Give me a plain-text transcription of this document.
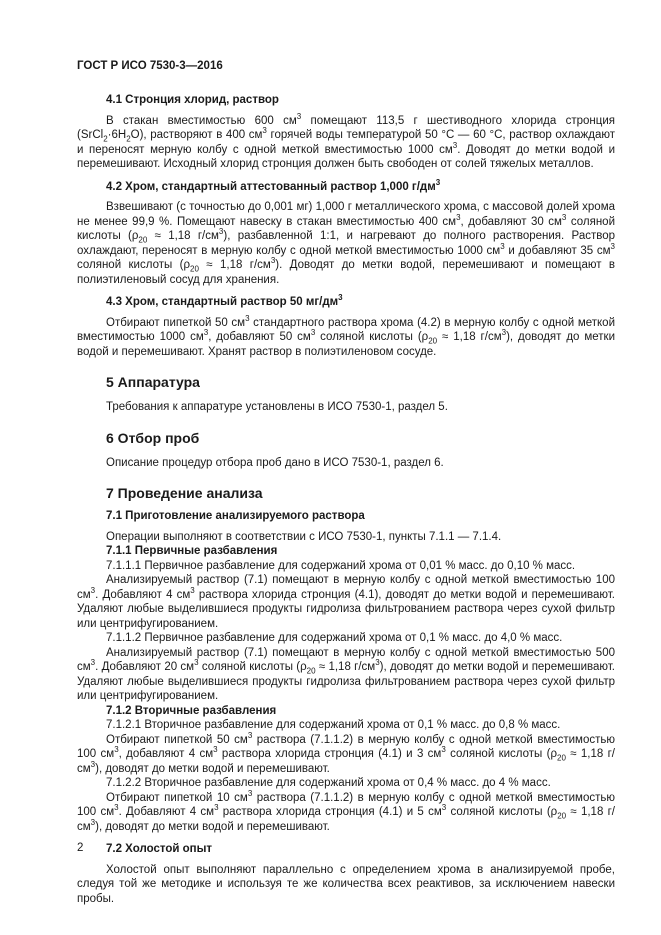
ГОСТ Р ИСО 7530-3—2016

4.1 Стронция хлорид, раствор

В стакан вместимостью 600 $см^3$ помещают 113,5 г шестиводного хлорида стронция $(SrCl_2\cdot 6H_2O)$, растворяют в 400 $см^3$ горячей воды температурой 50 °С — 60 °С, раствор охлаждают и переносят мерную колбу с одной меткой вместимостью 1000 $см^3$. Доводят до метки водой и перемешивают. Исходный хлорид стронция должен быть свободен от солей тяжелых металлов.

4.2 Хром, стандартный аттестованный раствор 1,000 $г/дм^3$

Взвешивают (с точностью до 0,001 мг) 1,000 г металлического хрома, с массовой долей хрома не менее 99,9 %. Помещают навеску в стакан вместимостью 400 $см^3$, добавляют 30 $см^3$ соляной кислоты ($\rho_{20} \approx 1,18$ $г/см^3$), разбавленной 1:1, и нагревают до полного растворения. Раствор охлаждают, переносят в мерную колбу с одной меткой вместимостью 1000 $см^3$ и добавляют 35 $см^3$ соляной кислоты ($\rho_{20} \approx 1,18$ $г/см^3$). Доводят до метки водой, перемешивают и помещают в полиэтиленовый сосуд для хранения.

4.3 Хром, стандартный раствор 50 $мг/дм^3$

Отбирают пипеткой 50 $см^3$ стандартного раствора хрома (4.2) в мерную колбу с одной меткой вместимостью 1000 $см^3$, добавляют 50 $см^3$ соляной кислоты ($\rho_{20} \approx 1,18$ $г/см^3$), доводят до метки водой и перемешивают. Хранят раствор в полиэтиленовом сосуде.

5 Аппаратура

Требования к аппаратуре установлены в ИСО 7530-1, раздел 5.

6 Отбор проб

Описание процедур отбора проб дано в ИСО 7530-1, раздел 6.

7 Проведение анализа

7.1 Приготовление анализируемого раствора

Операции выполняют в соответствии с ИСО 7530-1, пункты 7.1.1 — 7.1.4.

7.1.1 Первичные разбавления

7.1.1.1 Первичное разбавление для содержаний хрома от 0,01 % масс. до 0,10 % масс.

Анализируемый раствор (7.1) помещают в мерную колбу с одной меткой вместимостью 100 $см^3$. Добавляют 4 $см^3$ раствора хлорида стронция (4.1), доводят до метки водой и перемешивают. Удаляют любые выделившиеся продукты гидролиза фильтрованием раствора через сухой фильтр или центрифугированием.

7.1.1.2 Первичное разбавление для содержаний хрома от 0,1 % масс. до 4,0 % масс.

Анализируемый раствор (7.1) помещают в мерную колбу с одной меткой вместимостью 500 $см^3$. Добавляют 20 $см^3$ соляной кислоты ($\rho_{20} \approx 1,18$ $г/см^3$), доводят до метки водой и перемешивают. Удаляют любые выделившиеся продукты гидролиза фильтрованием раствора через сухой фильтр или центрифугированием.

7.1.2 Вторичные разбавления

7.1.2.1 Вторичное разбавление для содержаний хрома от 0,1 % масс. до 0,8 % масс.

Отбирают пипеткой 50 $см^3$ раствора (7.1.1.2) в мерную колбу с одной меткой вместимостью 100 $см^3$, добавляют 4 $см^3$ раствора хлорида стронция (4.1) и 3 $см^3$ соляной кислоты ($\rho_{20} \approx 1,18$ $г/см^3$), доводят до метки водой и перемешивают.

7.1.2.2 Вторичное разбавление для содержаний хрома от 0,4 % масс. до 4 % масс.

Отбирают пипеткой 10 $см^3$ раствора (7.1.1.2) в мерную колбу с одной меткой вместимостью 100 $см^3$. Добавляют 4 $см^3$ раствора хлорида стронция (4.1) и 5 $см^3$ соляной кислоты ($\rho_{20} \approx 1,18$ $г/см^3$), доводят до метки водой и перемешивают.

7.2 Холостой опыт

Холостой опыт выполняют параллельно с определением хрома в анализируемой пробе, следуя той же методике и используя те же количества всех реактивов, за исключением навески пробы.

2
